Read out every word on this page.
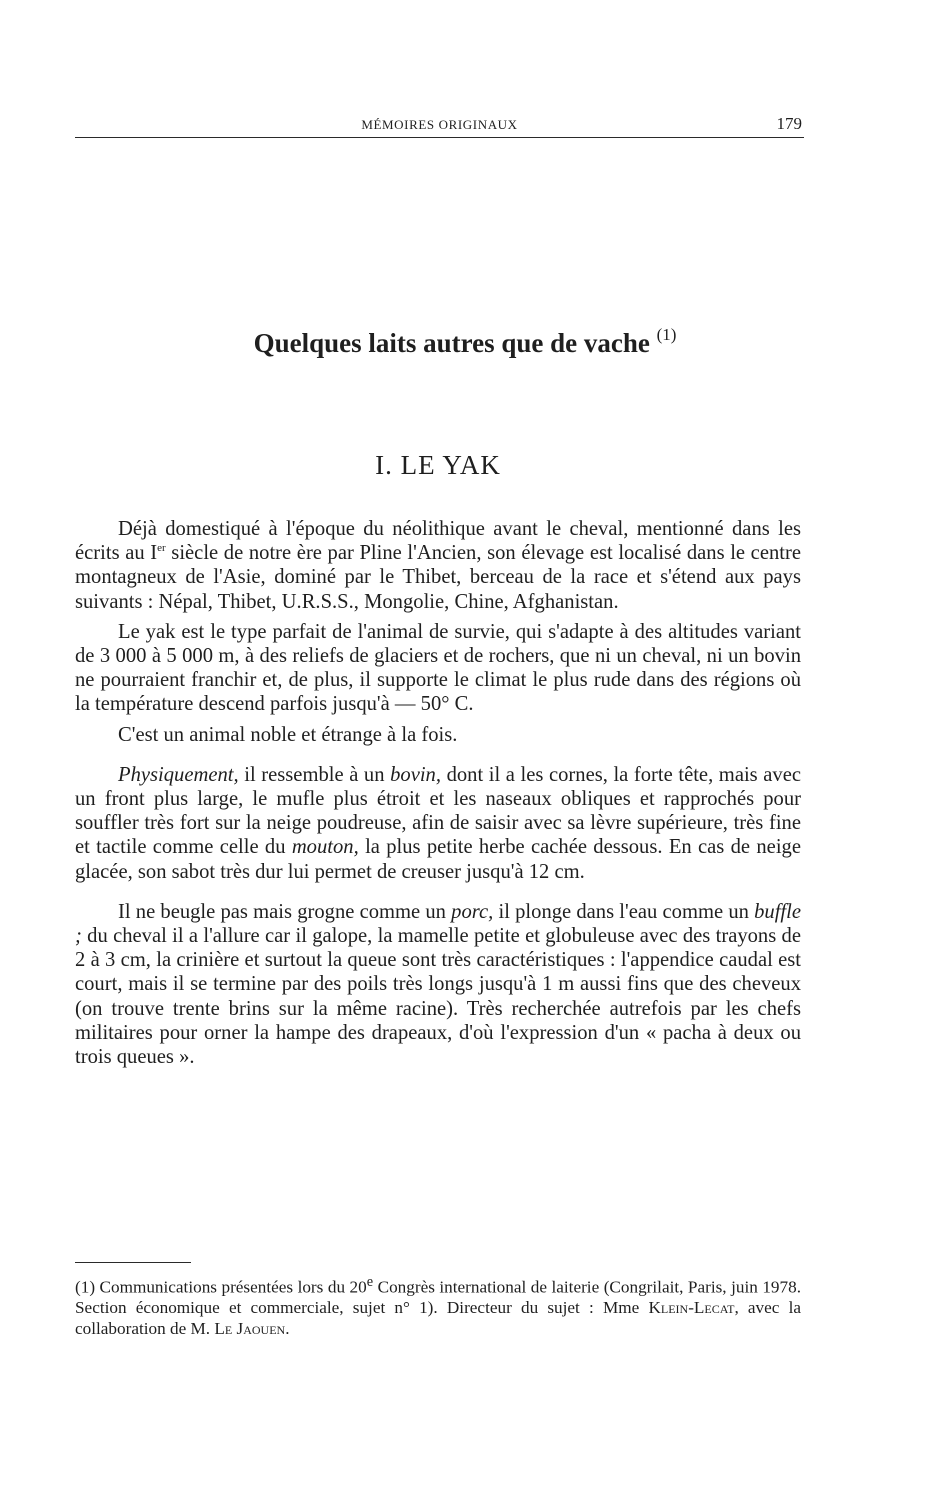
MÉMOIRES ORIGINAUX	179
Quelques laits autres que de vache $^{(1)}$
I. LE YAK

Déjà domestiqué à l'époque du néolithique avant le cheval, mentionné dans les écrits au Ier siècle de notre ère par Pline l'Ancien, son élevage est localisé dans le centre montagneux de l'Asie, dominé par le Thibet, berceau de la race et s'étend aux pays suivants : Népal, Thibet, U.R.S.S., Mongolie, Chine, Afghanistan.

Le yak est le type parfait de l'animal de survie, qui s'adapte à des altitudes variant de 3 000 à 5 000 m, à des reliefs de glaciers et de rochers, que ni un cheval, ni un bovin ne pourraient franchir et, de plus, il supporte le climat le plus rude dans des régions où la température descend parfois jusqu'à — 50° C.

C'est un animal noble et étrange à la fois.

Physiquement, il ressemble à un bovin, dont il a les cornes, la forte tête, mais avec un front plus large, le mufle plus étroit et les naseaux obliques et rapprochés pour souffler très fort sur la neige poudreuse, afin de saisir avec sa lèvre supérieure, très fine et tactile comme celle du mouton, la plus petite herbe cachée dessous. En cas de neige glacée, son sabot très dur lui permet de creuser jusqu'à 12 cm.

Il ne beugle pas mais grogne comme un porc, il plonge dans l'eau comme un buffle ; du cheval il a l'allure car il galope, la mamelle petite et globuleuse avec des trayons de 2 à 3 cm, la crinière et surtout la queue sont très caractéristiques : l'appendice caudal est court, mais il se termine par des poils très longs jusqu'à 1 m aussi fins que des cheveux (on trouve trente brins sur la même racine). Très recherchée autrefois par les chefs militaires pour orner la hampe des drapeaux, d'où l'expression d'un « pacha à deux ou trois queues ».

(1) Communications présentées lors du 20e Congrès international de laiterie (Congrilait, Paris, juin 1978. Section économique et commerciale, sujet n° 1). Directeur du sujet : Mme Klein-Lecat, avec la collaboration de M. Le Jaouen.
